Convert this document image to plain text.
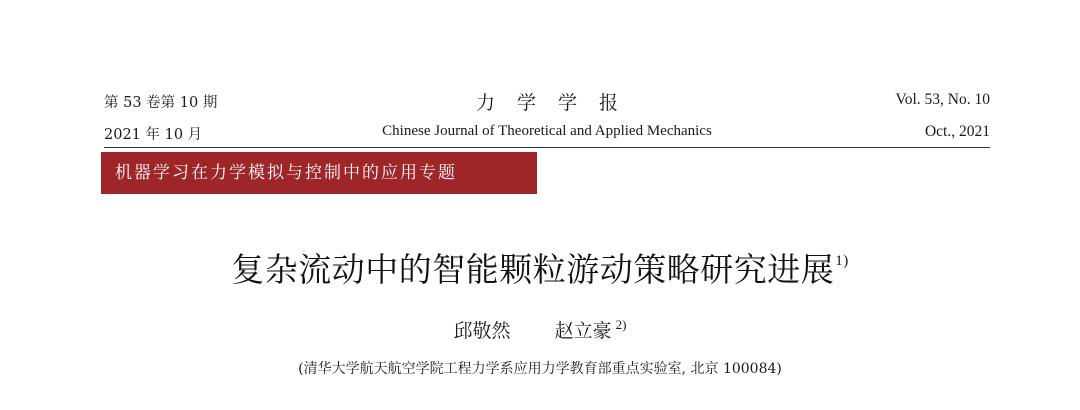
第 53 卷第 10 期	力学学报	Vol. 53, No. 10
2021 年 10 月	Chinese Journal of Theoretical and Applied Mechanics	Oct., 2021
机器学习在力学模拟与控制中的应用专题
复杂流动中的智能颗粒游动策略研究进展$^{1)}$
邱敬然 赵立豪 $^{2)}$
(清华大学航天航空学院工程力学系应用力学教育部重点实验室, 北京 100084)
